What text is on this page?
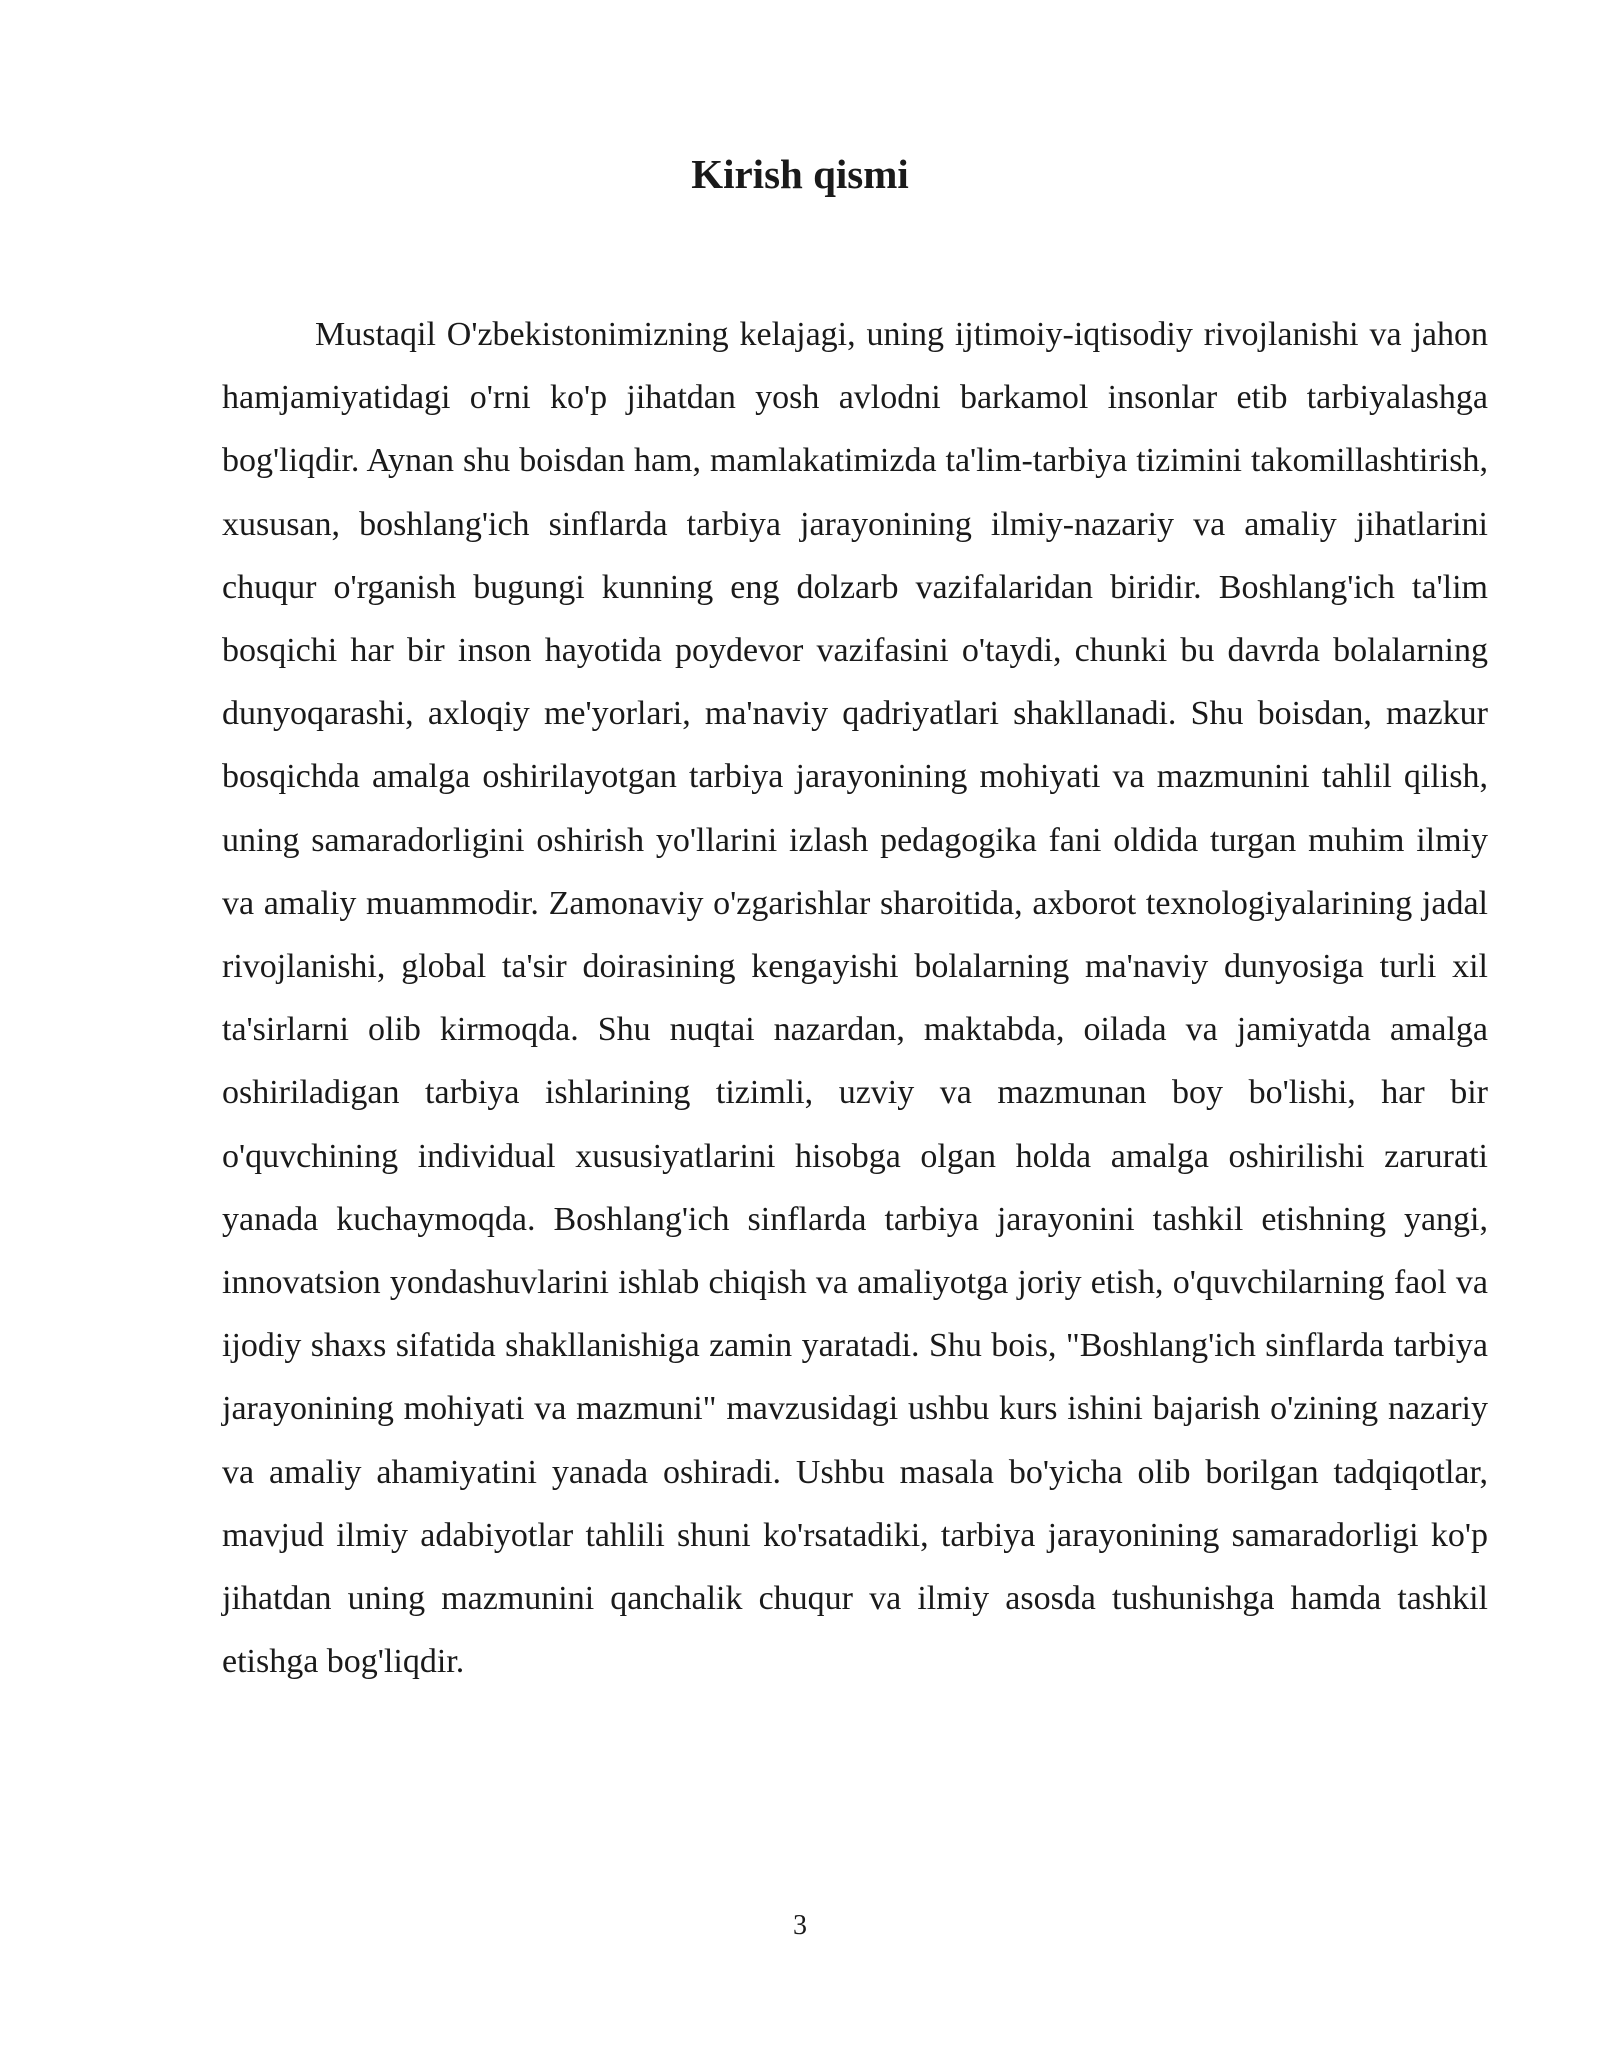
Kirish qismi

Mustaqil O'zbekistonimizning kelajagi, uning ijtimoiy-iqtisodiy rivojlanishi va jahon hamjamiyatidagi o'rni ko'p jihatdan yosh avlodni barkamol insonlar etib tarbiyalashga bog'liqdir. Aynan shu boisdan ham, mamlakatimizda ta'lim-tarbiya tizimini takomillashtirish, xususan, boshlang'ich sinflarda tarbiya jarayonining ilmiy-nazariy va amaliy jihatlarini chuqur o'rganish bugungi kunning eng dolzarb vazifalaridan biridir. Boshlang'ich ta'lim bosqichi har bir inson hayotida poydevor vazifasini o'taydi, chunki bu davrda bolalarning dunyoqarashi, axloqiy me'yorlari, ma'naviy qadriyatlari shakllanadi. Shu boisdan, mazkur bosqichda amalga oshirilayotgan tarbiya jarayonining mohiyati va mazmunini tahlil qilish, uning samaradorligini oshirish yo'llarini izlash pedagogika fani oldida turgan muhim ilmiy va amaliy muammodir. Zamonaviy o'zgarishlar sharoitida, axborot texnologiyalarining jadal rivojlanishi, global ta'sir doirasining kengayishi bolalarning ma'naviy dunyosiga turli xil ta'sirlarni olib kirmoqda. Shu nuqtai nazardan, maktabda, oilada va jamiyatda amalga oshiriladigan tarbiya ishlarining tizimli, uzviy va mazmunan boy bo'lishi, har bir o'quvchining individual xususiyatlarini hisobga olgan holda amalga oshirilishi zarurati yanada kuchaymoqda. Boshlang'ich sinflarda tarbiya jarayonini tashkil etishning yangi, innovatsion yondashuvlarini ishlab chiqish va amaliyotga joriy etish, o'quvchilarning faol va ijodiy shaxs sifatida shakllanishiga zamin yaratadi. Shu bois, "Boshlang'ich sinflarda tarbiya jarayonining mohiyati va mazmuni" mavzusidagi ushbu kurs ishini bajarish o'zining nazariy va amaliy ahamiyatini yanada oshiradi. Ushbu masala bo'yicha olib borilgan tadqiqotlar, mavjud ilmiy adabiyotlar tahlili shuni ko'rsatadiki, tarbiya jarayonining samaradorligi ko'p jihatdan uning mazmunini qanchalik chuqur va ilmiy asosda tushunishga hamda tashkil etishga bog'liqdir.

3
